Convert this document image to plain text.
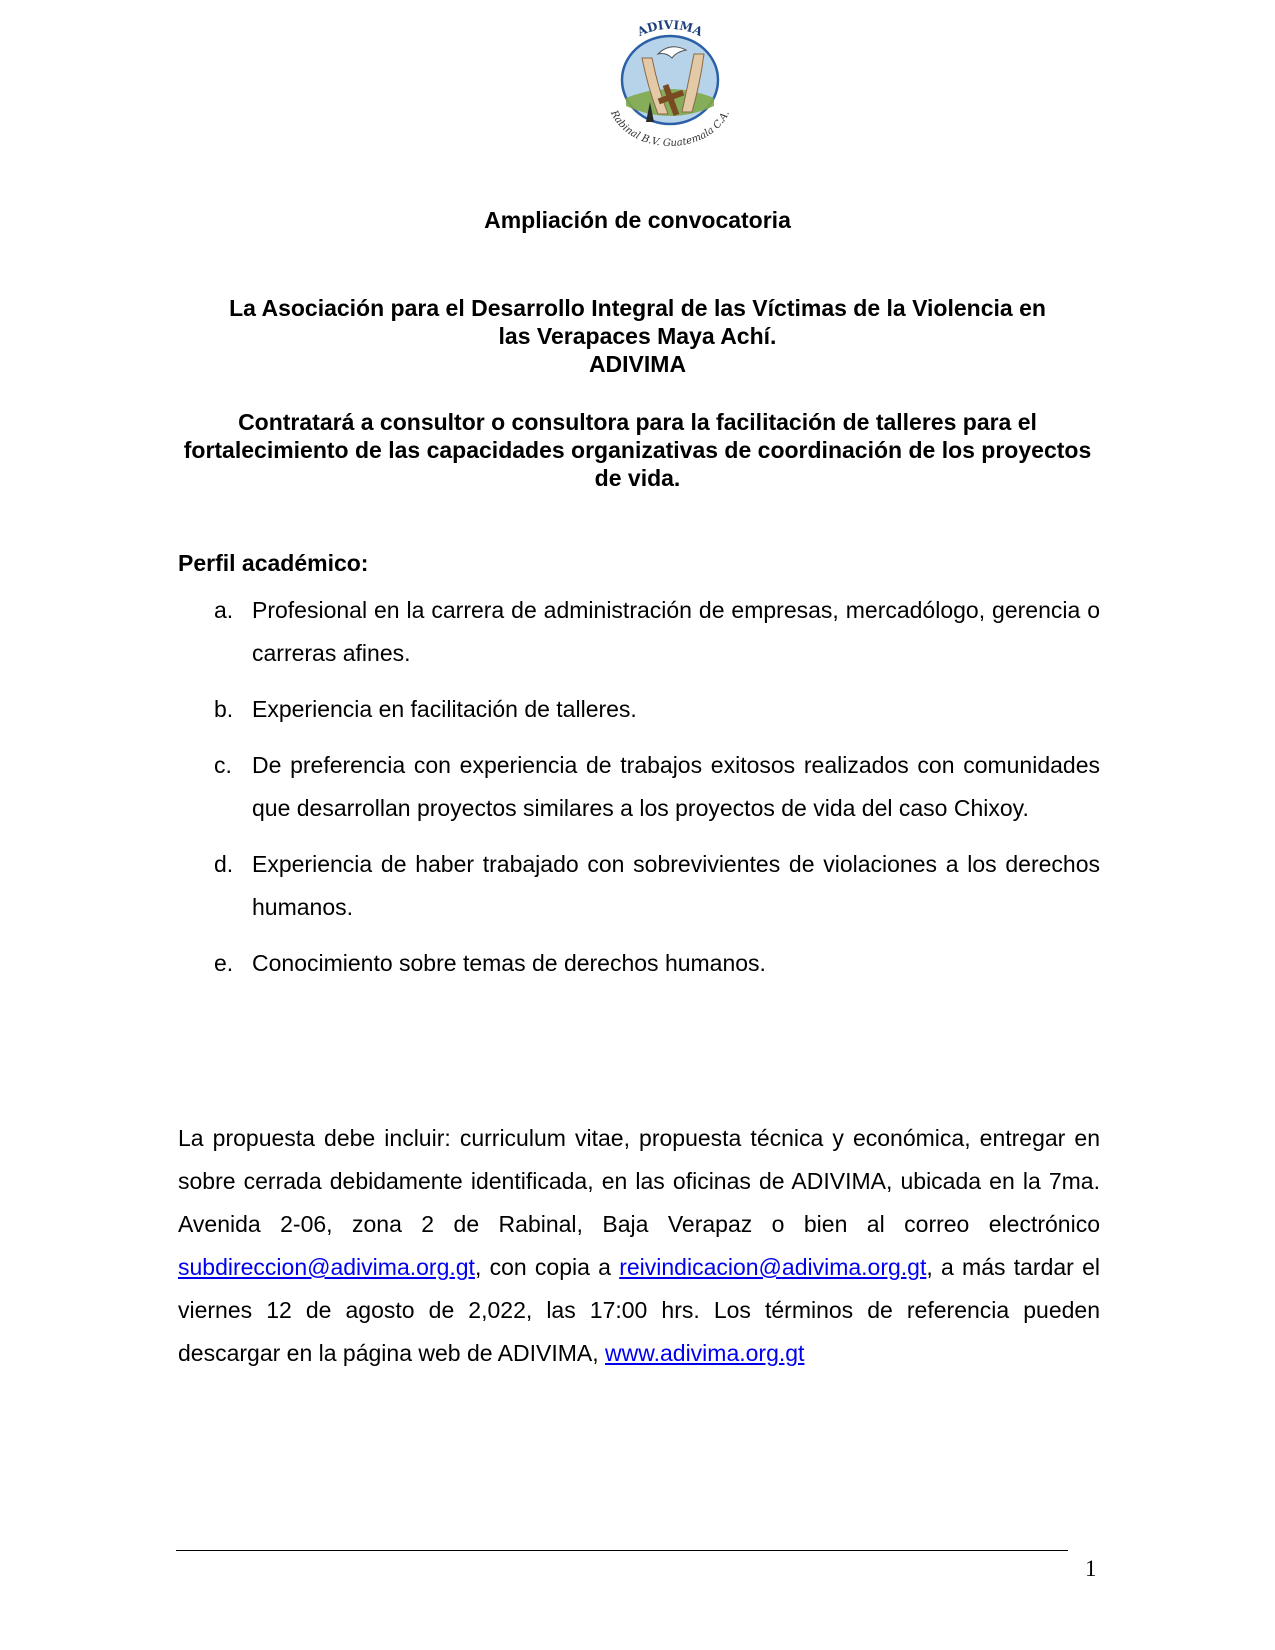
ADIVIMA
Rabinal B.V. Guatemala C.A.
Ampliación de convocatoria
La Asociación para el Desarrollo Integral de las Víctimas de la Violencia en
las Verapaces Maya Achí.
ADIVIMA
Contratará a consultor o consultora para la facilitación de talleres para el fortalecimiento de las capacidades organizativas de coordinación de los proyectos de vida.
Perfil académico:
a. Profesional en la carrera de administración de empresas, mercadólogo, gerencia o carreras afines.
b. Experiencia en facilitación de talleres.
c. De preferencia con experiencia de trabajos exitosos realizados con comunidades que desarrollan proyectos similares a los proyectos de vida del caso Chixoy.
d. Experiencia de haber trabajado con sobrevivientes de violaciones a los derechos humanos.
e. Conocimiento sobre temas de derechos humanos.

La propuesta debe incluir: curriculum vitae, propuesta técnica y económica, entregar en sobre cerrada debidamente identificada, en las oficinas de ADIVIMA, ubicada en la 7ma. Avenida 2-06, zona 2 de Rabinal, Baja Verapaz o bien al correo electrónico subdireccion@adivima.org.gt, con copia a reivindicacion@adivima.org.gt, a más tardar el viernes 12 de agosto de 2,022, las 17:00 hrs. Los términos de referencia pueden descargar en la página web de ADIVIMA, www.adivima.org.gt

1
